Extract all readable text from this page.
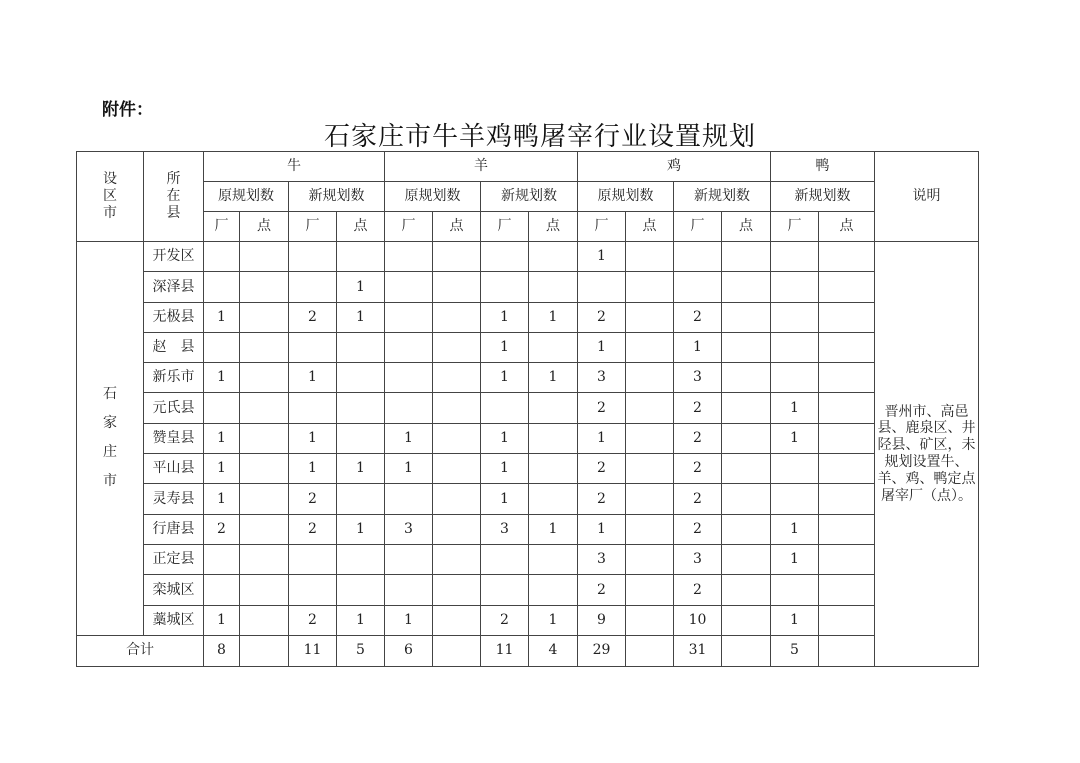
附件：
石家庄市牛羊鸡鸭屠宰行业设置规划
设
区
市	所
在
县	牛				羊				鸡				鸭		说明
		原规划数		新规划数		原规划数		新规划数		原规划数		新规划数		新规划数		
		厂	点	厂	点	厂	点	厂	点	厂	点	厂	点	厂	点	

石
家
庄
市	开发区									1						晋州市、高邑县、鹿泉区、井陉县、矿区，未规划设置牛、羊、鸡、鸭定点屠宰厂（点）。
	深泽县				1											
	无极县	1		2	1			1	1	2		2				
	赵　县							1		1		1				
	新乐市	1		1				1	1	3		3				
	元氏县									2		2		1		
	赞皇县	1		1		1		1		1		2		1		
	平山县	1		1	1	1		1		2		2				
	灵寿县	1		2				1		2		2				
	行唐县	2		2	1	3		3	1	1		2		1		
	正定县									3		3		1		
	栾城区									2		2				
	藁城区	1		2	1	1		2	1	9		10		1		
合计		8		11	5	6		11	4	29		31		5		
